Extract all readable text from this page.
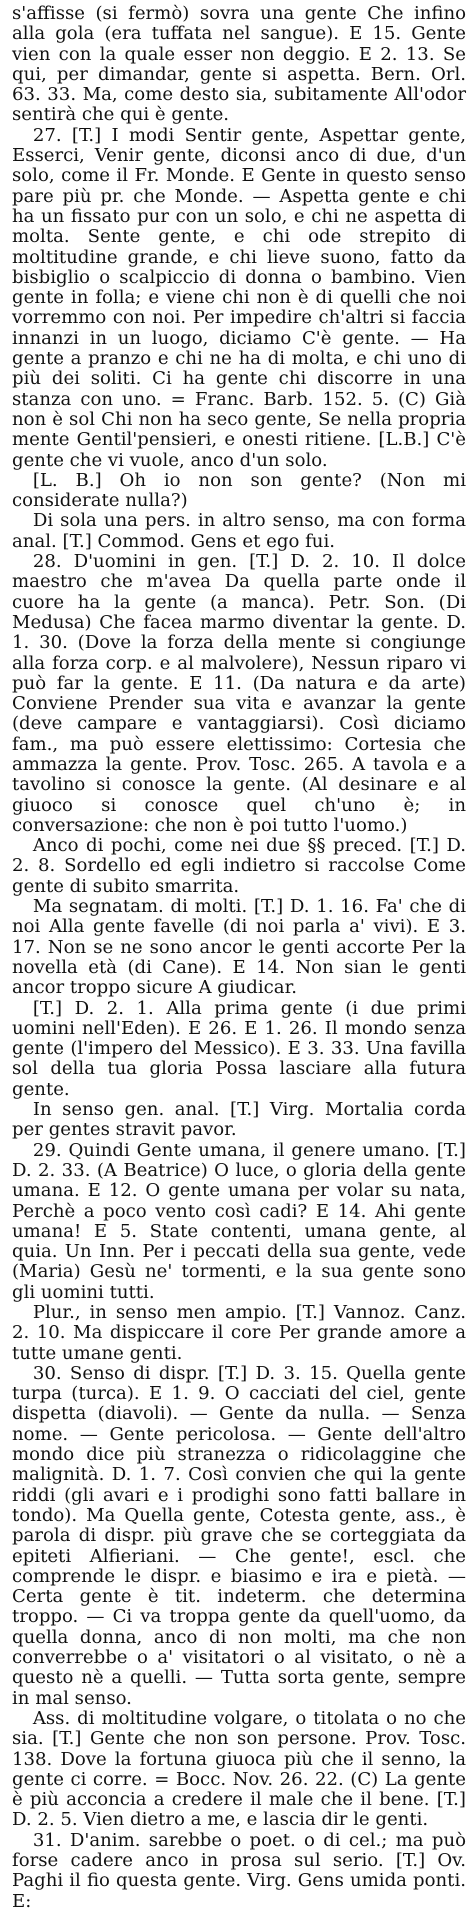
s'affisse (si fermò) sovra una gente Che infino alla gola (era tuffata nel sangue). E 15. Gente vien con la quale esser non deggio. E 2. 13. Se qui, per dimandar, gente si aspetta. Bern. Orl. 63. 33. Ma, come desto sia, subitamente All'odor sentirà che qui è gente.

27. [T.] I modi Sentir gente, Aspettar gente, Esserci, Venir gente, diconsi anco di due, d'un solo, come il Fr. Monde. E Gente in questo senso pare più pr. che Monde. — Aspetta gente e chi ha un fissato pur con un solo, e chi ne aspetta di molta. Sente gente, e chi ode strepito di moltitudine grande, e chi lieve suono, fatto da bisbiglio o scalpiccio di donna o bambino. Vien gente in folla; e viene chi non è di quelli che noi vorremmo con noi. Per impedire ch'altri si faccia innanzi in un luogo, diciamo C'è gente. — Ha gente a pranzo e chi ne ha di molta, e chi uno di più dei soliti. Ci ha gente chi discorre in una stanza con uno. = Franc. Barb. 152. 5. (C) Già non è sol Chi non ha seco gente, Se nella propria mente Gentil'pensieri, e onesti ritiene. [L.B.] C'è gente che vi vuole, anco d'un solo.

[L. B.] Oh io non son gente? (Non mi considerate nulla?)

Di sola una pers. in altro senso, ma con forma anal. [T.] Commod. Gens et ego fui.

28. D'uomini in gen. [T.] D. 2. 10. Il dolce maestro che m'avea Da quella parte onde il cuore ha la gente (a manca). Petr. Son. (Di Medusa) Che facea marmo diventar la gente. D. 1. 30. (Dove la forza della mente si congiunge alla forza corp. e al malvolere), Nessun riparo vi può far la gente. E 11. (Da natura e da arte) Conviene Prender sua vita e avanzar la gente (deve campare e vantaggiarsi). Così diciamo fam., ma può essere elettissimo: Cortesia che ammazza la gente. Prov. Tosc. 265. A tavola e a tavolino si conosce la gente. (Al desinare e al giuoco si conosce quel ch'uno è; in conversazione: che non è poi tutto l'uomo.)

Anco di pochi, come nei due §§ preced. [T.] D. 2. 8. Sordello ed egli indietro si raccolse Come gente di subito smarrita.

Ma segnatam. di molti. [T.] D. 1. 16. Fa' che di noi Alla gente favelle (di noi parla a' vivi). E 3. 17. Non se ne sono ancor le genti accorte Per la novella età (di Cane). E 14. Non sian le genti ancor troppo sicure A giudicar.

[T.] D. 2. 1. Alla prima gente (i due primi uomini nell'Eden). E 26. E 1. 26. Il mondo senza gente (l'impero del Messico). E 3. 33. Una favilla sol della tua gloria Possa lasciare alla futura gente.

In senso gen. anal. [T.] Virg. Mortalia corda per gentes stravit pavor.

29. Quindi Gente umana, il genere umano. [T.] D. 2. 33. (A Beatrice) O luce, o gloria della gente umana. E 12. O gente umana per volar su nata, Perchè a poco vento così cadi? E 14. Ahi gente umana! E 5. State contenti, umana gente, al quia. Un Inn. Per i peccati della sua gente, vede (Maria) Gesù ne' tormenti, e la sua gente sono gli uomini tutti.

Plur., in senso men ampio. [T.] Vannoz. Canz. 2. 10. Ma dispiccare il core Per grande amore a tutte umane genti.

30. Senso di dispr. [T.] D. 3. 15. Quella gente turpa (turca). E 1. 9. O cacciati del ciel, gente dispetta (diavoli). — Gente da nulla. — Senza nome. — Gente pericolosa. — Gente dell'altro mondo dice più stranezza o ridicolaggine che malignità. D. 1. 7. Così convien che qui la gente riddi (gli avari e i prodighi sono fatti ballare in tondo). Ma Quella gente, Cotesta gente, ass., è parola di dispr. più grave che se corteggiata da epiteti Alfieriani. — Che gente!, escl. che comprende le dispr. e biasimo e ira e pietà. — Certa gente è tit. indeterm. che determina troppo. — Ci va troppa gente da quell'uomo, da quella donna, anco di non molti, ma che non converrebbe o a' visitatori o al visitato, o nè a questo nè a quelli. — Tutta sorta gente, sempre in mal senso.

Ass. di moltitudine volgare, o titolata o no che sia. [T.] Gente che non son persone. Prov. Tosc. 138. Dove la fortuna giuoca più che il senno, la gente ci corre. = Bocc. Nov. 26. 22. (C) La gente è più acconcia a credere il male che il bene. [T.] D. 2. 5. Vien dietro a me, e lascia dir le genti.

31. D'anim. sarebbe o poet. o di cel.; ma può forse cadere anco in prosa sul serio. [T.] Ov. Paghi il fio questa gente. Virg. Gens umida ponti. E:
